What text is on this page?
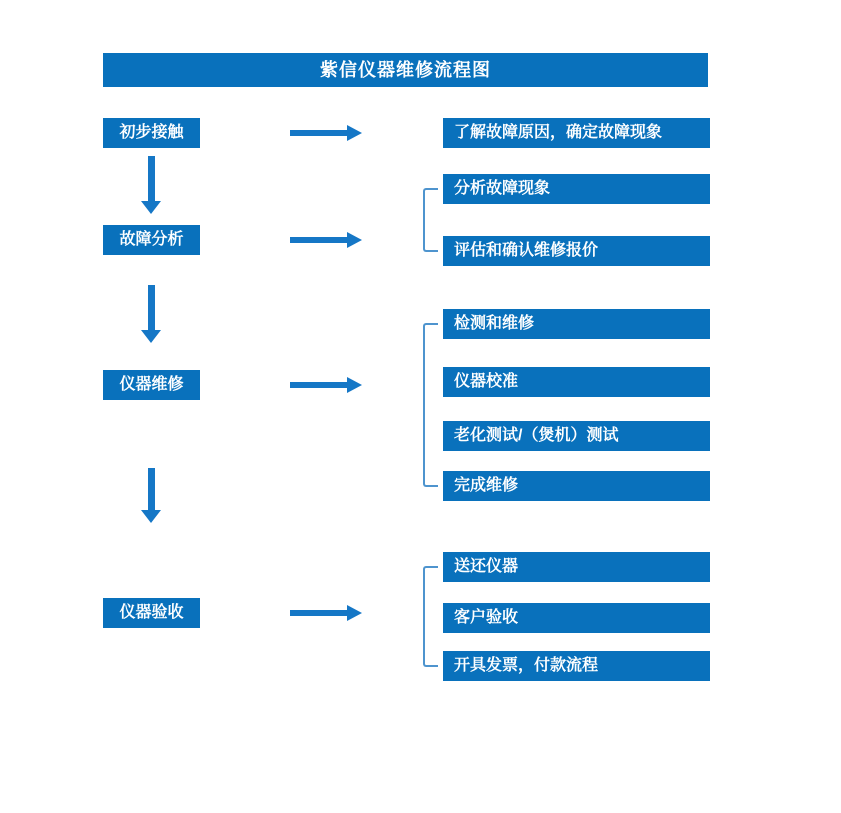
紫信仪器维修流程图
初步接触
故障分析
仪器维修
仪器验收
了解故障原因，确定故障现象
分析故障现象
评估和确认维修报价
检测和维修
仪器校准
老化测试/（煲机）测试
完成维修
送还仪器
客户验收
开具发票，付款流程
